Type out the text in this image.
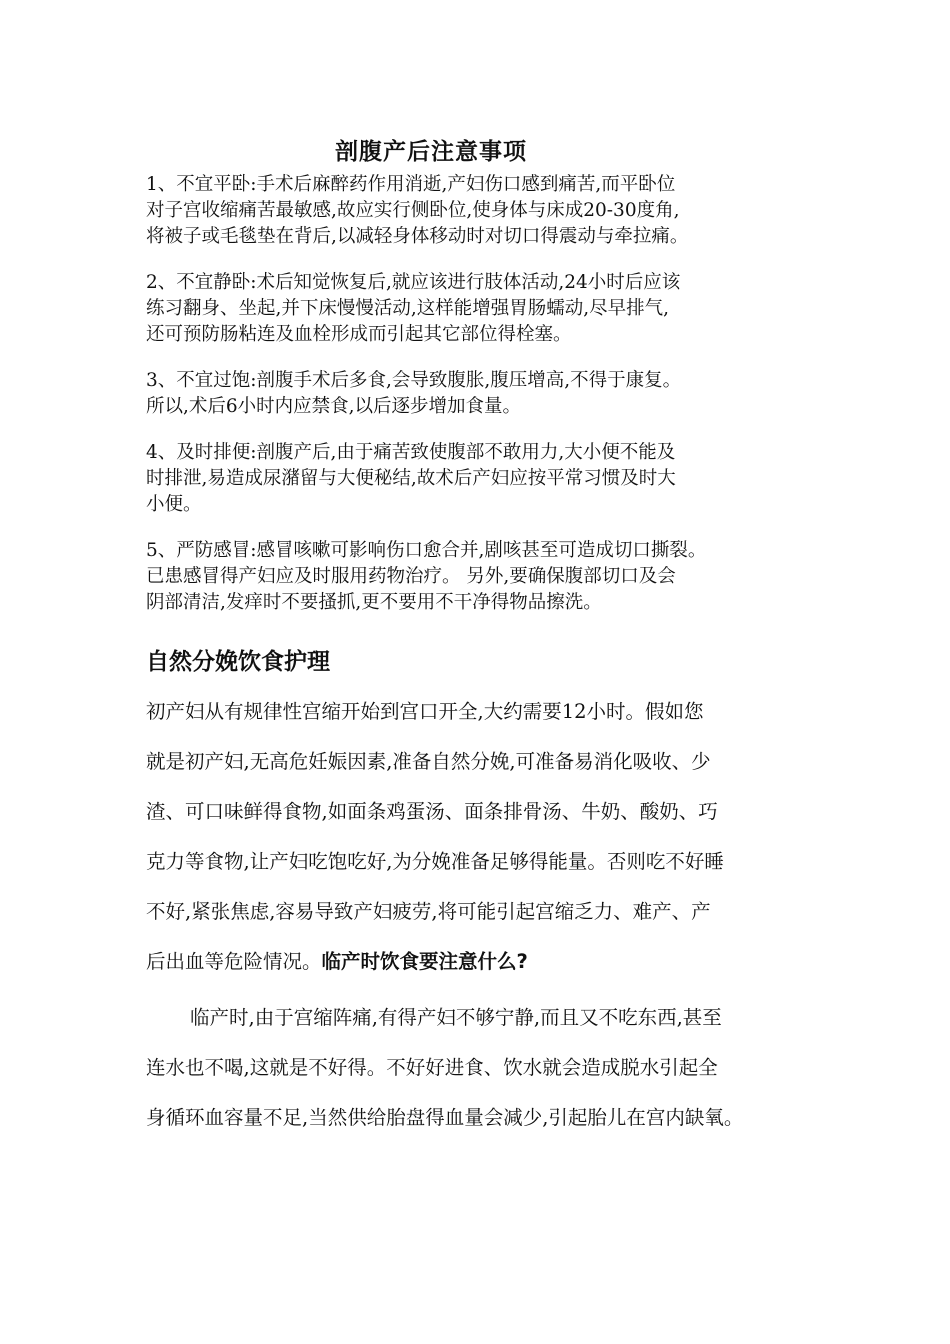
剖腹产后注意事项

1、不宜平卧:手术后麻醉药作用消逝,产妇伤口感到痛苦,而平卧位
对子宫收缩痛苦最敏感,故应实行侧卧位,使身体与床成20-30度角,
将被子或毛毯垫在背后,以减轻身体移动时对切口得震动与牵拉痛。

2、不宜静卧:术后知觉恢复后,就应该进行肢体活动,24小时后应该
练习翻身、坐起,并下床慢慢活动,这样能增强胃肠蠕动,尽早排气,
还可预防肠粘连及血栓形成而引起其它部位得栓塞。

3、不宜过饱:剖腹手术后多食,会导致腹胀,腹压增高,不得于康复。
所以,术后6小时内应禁食,以后逐步增加食量。

4、及时排便:剖腹产后,由于痛苦致使腹部不敢用力,大小便不能及
时排泄,易造成尿潴留与大便秘结,故术后产妇应按平常习惯及时大
小便。

5、严防感冒:感冒咳嗽可影响伤口愈合并,剧咳甚至可造成切口撕裂。
已患感冒得产妇应及时服用药物治疗。 另外,要确保腹部切口及会
阴部清洁,发痒时不要搔抓,更不要用不干净得物品擦洗。

自然分娩饮食护理

初产妇从有规律性宫缩开始到宫口开全,大约需要12小时。假如您

就是初产妇,无高危妊娠因素,准备自然分娩,可准备易消化吸收、少

渣、可口味鲜得食物,如面条鸡蛋汤、面条排骨汤、牛奶、酸奶、巧

克力等食物,让产妇吃饱吃好,为分娩准备足够得能量。否则吃不好睡

不好,紧张焦虑,容易导致产妇疲劳,将可能引起宫缩乏力、难产、产

后出血等危险情况。临产时饮食要注意什么?

临产时,由于宫缩阵痛,有得产妇不够宁静,而且又不吃东西,甚至

连水也不喝,这就是不好得。不好好进食、饮水就会造成脱水引起全

身循环血容量不足,当然供给胎盘得血量会减少,引起胎儿在宫内缺氧。
